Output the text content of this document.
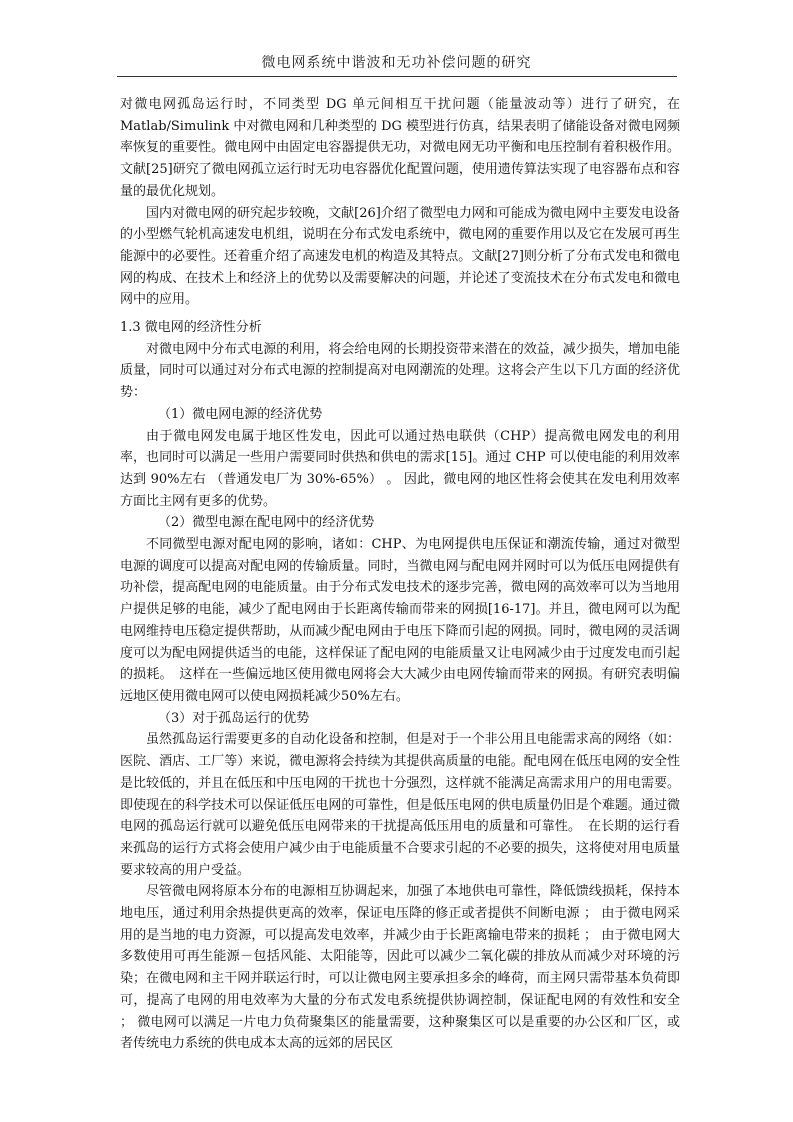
微电网系统中谐波和无功补偿问题的研究

对微电网孤岛运行时，不同类型 DG 单元间相互干扰问题（能量波动等）进行了研究，在 Matlab/Simulink 中对微电网和几种类型的 DG 模型进行仿真，结果表明了储能设备对微电网频率恢复的重要性。微电网中由固定电容器提供无功，对微电网无功平衡和电压控制有着积极作用。文献[25]研究了微电网孤立运行时无功电容器优化配置问题，使用遗传算法实现了电容器布点和容量的最优化规划。

国内对微电网的研究起步较晚，文献[26]介绍了微型电力网和可能成为微电网中主要发电设备的小型燃气轮机高速发电机组，说明在分布式发电系统中，微电网的重要作用以及它在发展可再生能源中的必要性。还着重介绍了高速发电机的构造及其特点。文献[27]则分析了分布式发电和微电网的构成、在技术上和经济上的优势以及需要解决的问题，并论述了变流技术在分布式发电和微电网中的应用。

1.3 微电网的经济性分析

对微电网中分布式电源的利用，将会给电网的长期投资带来潜在的效益，减少损失，增加电能质量，同时可以通过对分布式电源的控制提高对电网潮流的处理。这将会产生以下几方面的经济优势：

（1）微电网电源的经济优势

由于微电网发电属于地区性发电，因此可以通过热电联供（CHP）提高微电网发电的利用率，也同时可以满足一些用户需要同时供热和供电的需求[15]。通过 CHP 可以使电能的利用效率达到 90%左右 （普通发电厂为 30%-65%） 。 因此，微电网的地区性将会使其在发电利用效率方面比主网有更多的优势。

（2）微型电源在配电网中的经济优势

不同微型电源对配电网的影响，诸如：CHP、为电网提供电压保证和潮流传输，通过对微型电源的调度可以提高对配电网的传输质量。同时，当微电网与配电网并网时可以为低压电网提供有功补偿，提高配电网的电能质量。由于分布式发电技术的逐步完善，微电网的高效率可以为当地用户提供足够的电能，减少了配电网由于长距离传输而带来的网损[16-17]。并且，微电网可以为配电网维持电压稳定提供帮助，从而减少配电网由于电压下降而引起的网损。同时，微电网的灵活调度可以为配电网提供适当的电能，这样保证了配电网的电能质量又让电网减少由于过度发电而引起的损耗。　这样在一些偏远地区使用微电网将会大大减少由电网传输而带来的网损。有研究表明偏远地区使用微电网可以使电网损耗减少50%左右。

（3）对于孤岛运行的优势

虽然孤岛运行需要更多的自动化设备和控制，但是对于一个非公用且电能需求高的网络（如：医院、酒店、工厂等）来说，微电源将会持续为其提供高质量的电能。配电网在低压电网的安全性是比较低的，并且在低压和中压电网的干扰也十分强烈，这样就不能满足高需求用户的用电需要。即使现在的科学技术可以保证低压电网的可靠性，但是低压电网的供电质量仍旧是个难题。通过微电网的孤岛运行就可以避免低压电网带来的干扰提高低压用电的质量和可靠性。　在长期的运行看来孤岛的运行方式将会使用户减少由于电能质量不合要求引起的不必要的损失，这将使对用电质量要求较高的用户受益。

尽管微电网将原本分布的电源相互协调起来，加强了本地供电可靠性，降低馈线损耗，保持本地电压，通过利用余热提供更高的效率，保证电压降的修正或者提供不间断电源 ； 由于微电网采用的是当地的电力资源，可以提高发电效率，并减少由于长距离输电带来的损耗 ； 由于微电网大多数使用可再生能源－包括风能、太阳能等，因此可以减少二氧化碳的排放从而减少对环境的污染；在微电网和主干网并联运行时，可以让微电网主要承担多余的峰荷，而主网只需带基本负荷即可，提高了电网的用电效率为大量的分布式发电系统提供协调控制，保证配电网的有效性和安全 ； 微电网可以满足一片电力负荷聚集区的能量需要，这种聚集区可以是重要的办公区和厂区，或者传统电力系统的供电成本太高的远郊的居民区
